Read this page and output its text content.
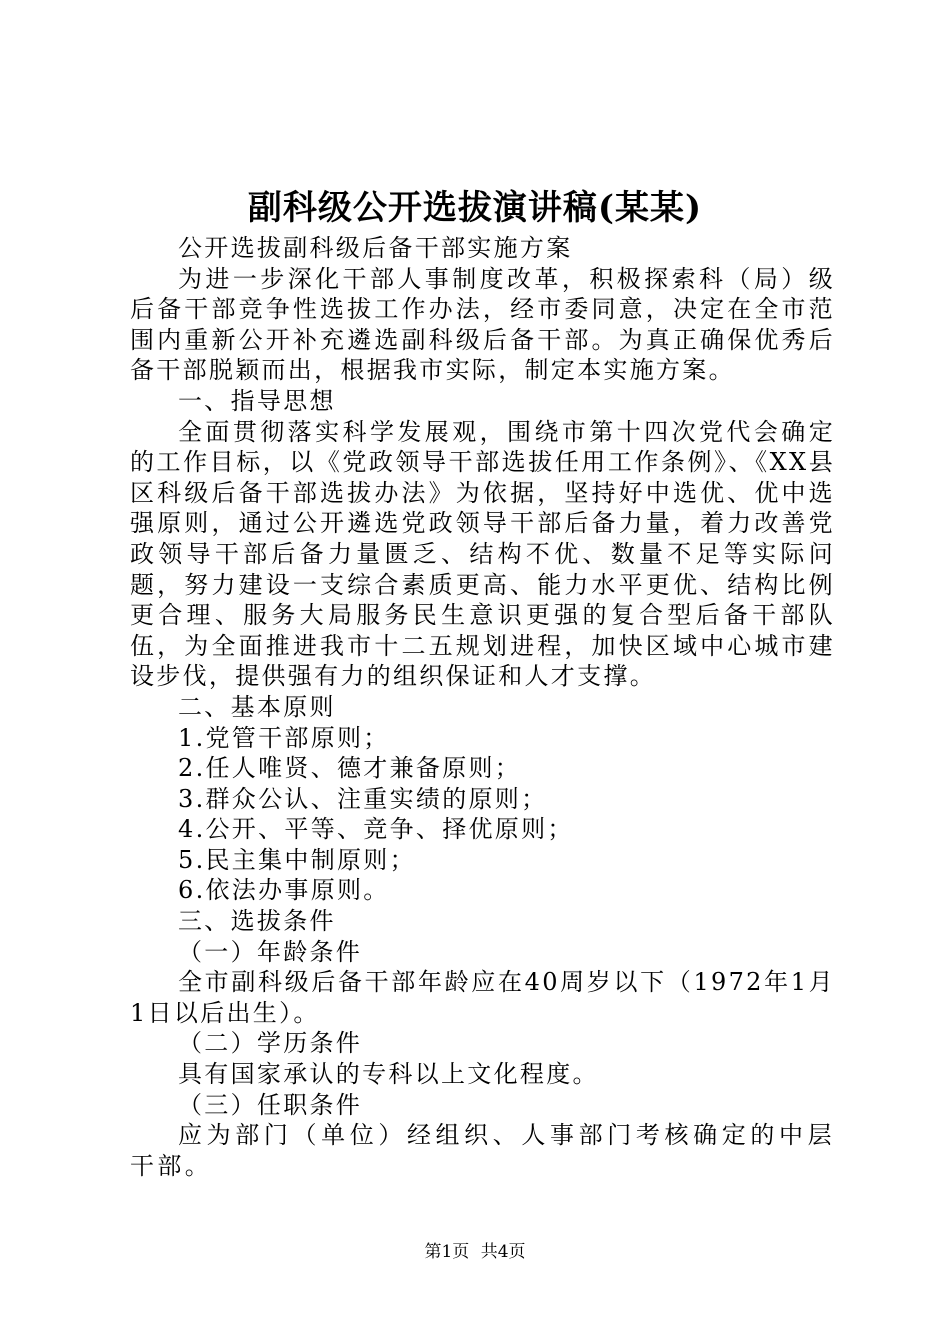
副科级公开选拔演讲稿(某某)

公开选拔副科级后备干部实施方案

为进一步深化干部人事制度改革，积极探索科（局）级后备干部竞争性选拔工作办法，经市委同意，决定在全市范围内重新公开补充遴选副科级后备干部。为真正确保优秀后备干部脱颖而出，根据我市实际，制定本实施方案。

一、指导思想

全面贯彻落实科学发展观，围绕市第十四次党代会确定的工作目标，以《党政领导干部选拔任用工作条例》、《XX县区科级后备干部选拔办法》为依据，坚持好中选优、优中选强原则，通过公开遴选党政领导干部后备力量，着力改善党政领导干部后备力量匮乏、结构不优、数量不足等实际问题，努力建设一支综合素质更高、能力水平更优、结构比例更合理、服务大局服务民生意识更强的复合型后备干部队伍，为全面推进我市十二五规划进程，加快区域中心城市建设步伐，提供强有力的组织保证和人才支撑。

二、基本原则

1.党管干部原则；

2.任人唯贤、德才兼备原则；

3.群众公认、注重实绩的原则；

4.公开、平等、竞争、择优原则；

5.民主集中制原则；

6.依法办事原则。

三、选拔条件

（一）年龄条件

全市副科级后备干部年龄应在40周岁以下（1972年1月1日以后出生）。

（二）学历条件

具有国家承认的专科以上文化程度。

（三）任职条件

应为部门（单位）经组织、人事部门考核确定的中层干部。

第1页 共4页
